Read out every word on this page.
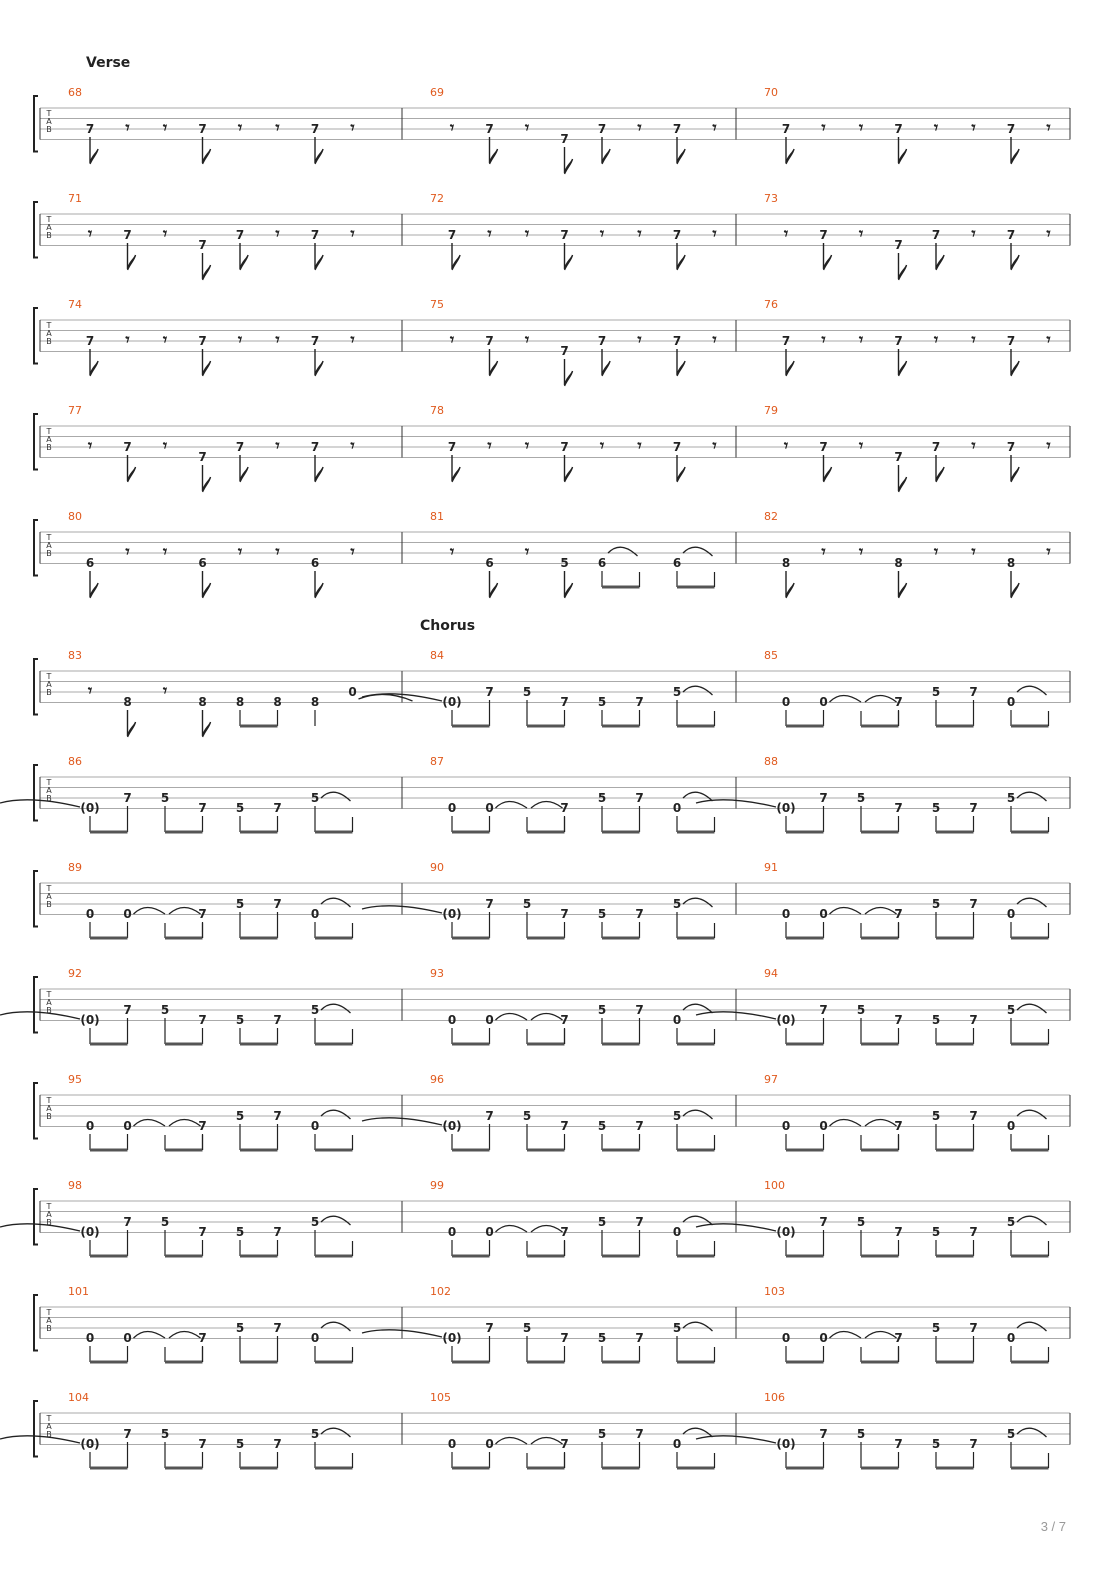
T
A
B
68
7 𝄾 𝄾	7 𝄾 𝄾	7 𝄾
69
𝄾	7 𝄾
7
7 𝄾	7 𝄾
70
7 𝄾 𝄾	7 𝄾 𝄾	7 𝄾
T
A
B
71
𝄾	7 𝄾
7
7 𝄾	7 𝄾
72
7 𝄾 𝄾	7 𝄾 𝄾	7 𝄾
73
𝄾	7 𝄾
7
7 𝄾	7 𝄾
T
A
B
74
7 𝄾 𝄾	7 𝄾 𝄾	7 𝄾
75
𝄾	7 𝄾
7
7 𝄾	7 𝄾
76
7 𝄾 𝄾	7 𝄾 𝄾	7 𝄾
T
A
B
77
𝄾	7 𝄾
7
7 𝄾	7 𝄾
78
7 𝄾 𝄾	7 𝄾 𝄾	7 𝄾
79
𝄾	7 𝄾
7
7 𝄾	7 𝄾
T
A
B
80
6
𝄾 𝄾
6
𝄾 𝄾
6
𝄾
81
𝄾
6
𝄾
5 6	6
82
8
𝄾 𝄾
8
𝄾 𝄾
8
𝄾
T
A
B
83
𝄾
8
𝄾
8 8 8 8
0
84
(0)
7 5
7 5 7
5
85
0 0	7
5 7
0
T
A
B
86
(0)
7 5
7 5 7
5
87
0 0	7
5 7
0
88
(0)
7 5
7 5 7
5
T
A
B
89
0 0	7
5 7
0
90
(0)
7 5
7 5 7
5
91
0 0	7
5 7
0
T
A
B
92
(0)
7 5
7 5 7
5
93
0 0	7
5 7
0
94
(0)
7 5
7 5 7
5
T
A
B
95
0 0	7
5 7
0
96
(0)
7 5
7 5 7
5
97
0 0	7
5 7
0
T
A
B
98
(0)
7 5
7 5 7
5
99
0 0	7
5 7
0
100
(0)
7 5
7 5 7
5
T
A
B
101
0 0	7
5 7
0
102
(0)
7 5
7 5 7
5
103
0 0	7
5 7
0
T
A
B
104
(0)
7 5
7 5 7
5
105
0 0	7
5 7
0
106
(0)
7 5
7 5 7
5
Verse
Chorus
3 / 7
